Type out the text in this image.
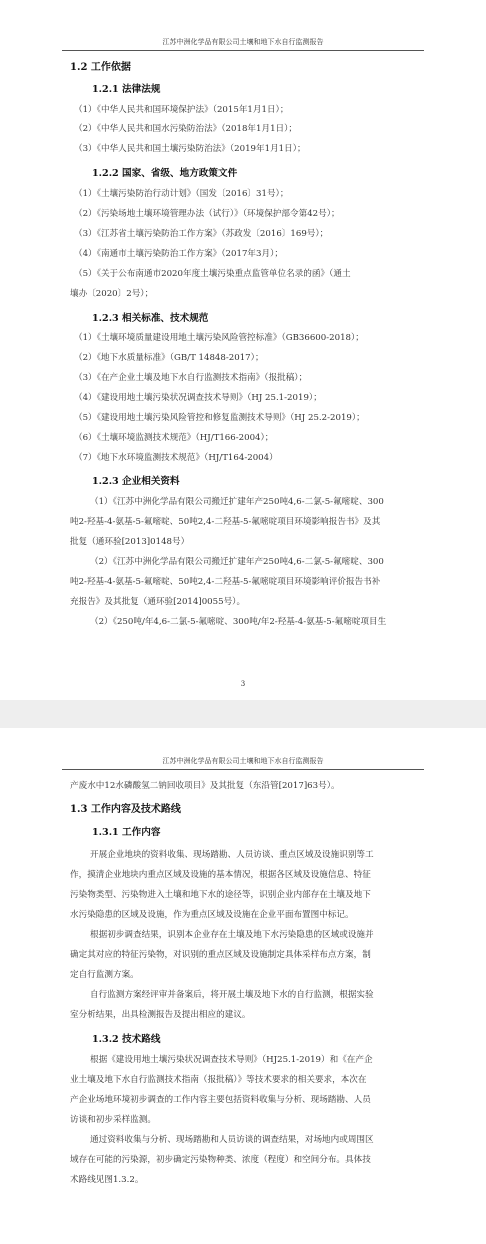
江苏中洲化学品有限公司土壤和地下水自行监测报告
1.2 工作依据
1.2.1 法律法规
（1）《中华人民共和国环境保护法》（2015年1月1日）；
（2）《中华人民共和国水污染防治法》（2018年1月1日）；
（3）《中华人民共和国土壤污染防治法》（2019年1月1日）；
1.2.2 国家、省级、地方政策文件
（1）《土壤污染防治行动计划》（国发〔2016〕31号）；
（2）《污染场地土壤环境管理办法（试行）》（环境保护部令第42号）；
（3）《江苏省土壤污染防治工作方案》（苏政发〔2016〕169号）；
（4）《南通市土壤污染防治工作方案》（2017年3月）；
（5）《关于公布南通市2020年度土壤污染重点监管单位名录的函》（通土
壤办〔2020〕2号）；
1.2.3 相关标准、技术规范
（1）《土壤环境质量建设用地土壤污染风险管控标准》（GB36600-2018）；
（2）《地下水质量标准》（GB/T 14848-2017）；
（3）《在产企业土壤及地下水自行监测技术指南》（报批稿）；
（4）《建设用地土壤污染状况调查技术导则》（HJ 25.1-2019）；
（5）《建设用地土壤污染风险管控和修复监测技术导则》（HJ 25.2-2019）；
（6）《土壤环境监测技术规范》（HJ/T166-2004）；
（7）《地下水环境监测技术规范》（HJ/T164-2004）
1.2.3 企业相关资料
（1）《江苏中洲化学品有限公司搬迁扩建年产250吨4,6-二氯-5-氟嘧啶、300
吨2-羟基-4-氨基-5-氟嘧啶、50吨2,4-二羟基-5-氟嘧啶项目环境影响报告书》及其
批复（通环验[2013]0148号）
（2）《江苏中洲化学品有限公司搬迁扩建年产250吨4,6-二氯-5-氟嘧啶、300
吨2-羟基-4-氨基-5-氟嘧啶、50吨2,4-二羟基-5-氟嘧啶项目环境影响评价报告书补
充报告》及其批复（通环验[2014]0055号）。
（2）《250吨/年4,6-二氯-5-氟嘧啶、300吨/年2-羟基-4-氨基-5-氟嘧啶项目生
3
江苏中洲化学品有限公司土壤和地下水自行监测报告
产废水中12水磷酸氢二钠回收项目》及其批复（东沿管[2017]63号）。
1.3 工作内容及技术路线
1.3.1 工作内容
开展企业地块的资料收集、现场踏勘、人员访谈、重点区域及设施识别等工
作，摸清企业地块内重点区域及设施的基本情况，根据各区域及设施信息、特征
污染物类型、污染物进入土壤和地下水的途径等，识别企业内部存在土壤及地下
水污染隐患的区域及设施，作为重点区域及设施在企业平面布置图中标记。
根据初步调查结果，识别本企业存在土壤及地下水污染隐患的区域或设施并
确定其对应的特征污染物，对识别的重点区域及设施制定具体采样布点方案，制
定自行监测方案。
自行监测方案经评审并备案后，将开展土壤及地下水的自行监测，根据实验
室分析结果，出具检测报告及提出相应的建议。
1.3.2 技术路线
根据《建设用地土壤污染状况调查技术导则》（HJ25.1-2019）和《在产企
业土壤及地下水自行监测技术指南（报批稿）》等技术要求的相关要求，本次在
产企业场地环境初步调查的工作内容主要包括资料收集与分析、现场踏勘、人员
访谈和初步采样监测。
通过资料收集与分析、现场踏勘和人员访谈的调查结果，对场地内或周围区
域存在可能的污染源，初步确定污染物种类、浓度（程度）和空间分布。具体技
术路线见图1.3.2。
